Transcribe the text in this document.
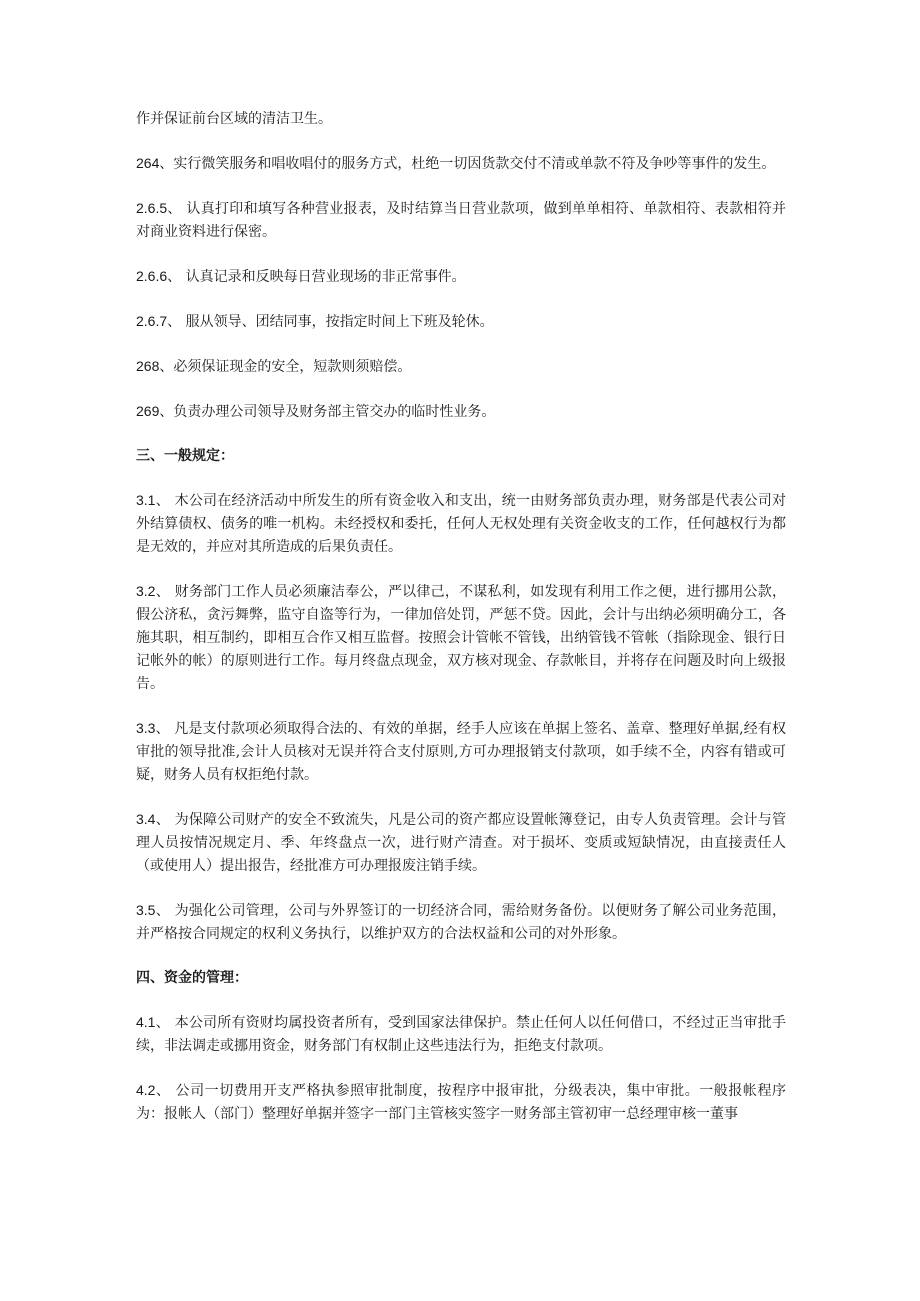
作并保证前台区域的清洁卫生。

264、实行微笑服务和唱收唱付的服务方式，杜绝一切因货款交付不清或单款不符及争吵等事件的发生。

2.6.5、 认真打印和填写各种营业报表，及时结算当日营业款项，做到单单相符、单款相符、表款相符并对商业资料进行保密。

2.6.6、 认真记录和反映每日营业现场的非正常事件。

2.6.7、 服从领导、团结同事，按指定时间上下班及轮休。

268、必须保证现金的安全，短款则须赔偿。

269、负责办理公司领导及财务部主管交办的临时性业务。

三、一般规定：

3.1、 木公司在经济活动中所发生的所有资金收入和支出，统一由财务部负责办理，财务部是代表公司对外结算债权、债务的唯一机构。未经授权和委托，任何人无权处理有关资金收支的工作，任何越权行为都是无效的，并应对其所造成的后果负责任。

3.2、 财务部门工作人员必须廉洁奉公，严以律己，不谋私利，如发现有利用工作之便，进行挪用公款，假公济私，贪污舞弊，监守自盗等行为，一律加倍处罚，严惩不贷。因此，会计与出纳必须明确分工，各施其职，相互制约，即相互合作又相互监督。按照会计管帐不管钱，出纳管钱不管帐（指除现金、银行日记帐外的帐）的原则进行工作。每月终盘点现金，双方核对现金、存款帐目，并将存在问题及时向上级报告。

3.3、 凡是支付款项必须取得合法的、有效的单据，经手人应该在单据上签名、盖章、整理好单据,经有权审批的领导批准,会计人员核对无误并符合支付原则,方可办理报销支付款项，如手续不全，内容有错或可疑，财务人员有权拒绝付款。

3.4、 为保障公司财产的安全不致流失，凡是公司的资产都应设置帐簿登记，由专人负责管理。会计与管理人员按情况规定月、季、年终盘点一次，进行财产清查。对于损坏、变质或短缺情况，由直接责任人（或使用人）提出报告，经批准方可办理报废注销手续。

3.5、 为强化公司管理，公司与外界签订的一切经济合同，需给财务备份。以便财务了解公司业务范围，并严格按合同规定的权利义务执行，以维护双方的合法权益和公司的对外形象。

四、资金的管理：

4.1、 本公司所有资财均属投资者所有，受到国家法律保护。禁止任何人以任何借口，不经过正当审批手续，非法调走或挪用资金，财务部门有权制止这些违法行为，拒绝支付款项。

4.2、 公司一切费用开支严格执参照审批制度，按程序中报审批，分级表决，集中审批。一般报帐程序为：报帐人（部门）整理好单据并签字一部门主管核实签字一财务部主管初审一总经理审核一董事
